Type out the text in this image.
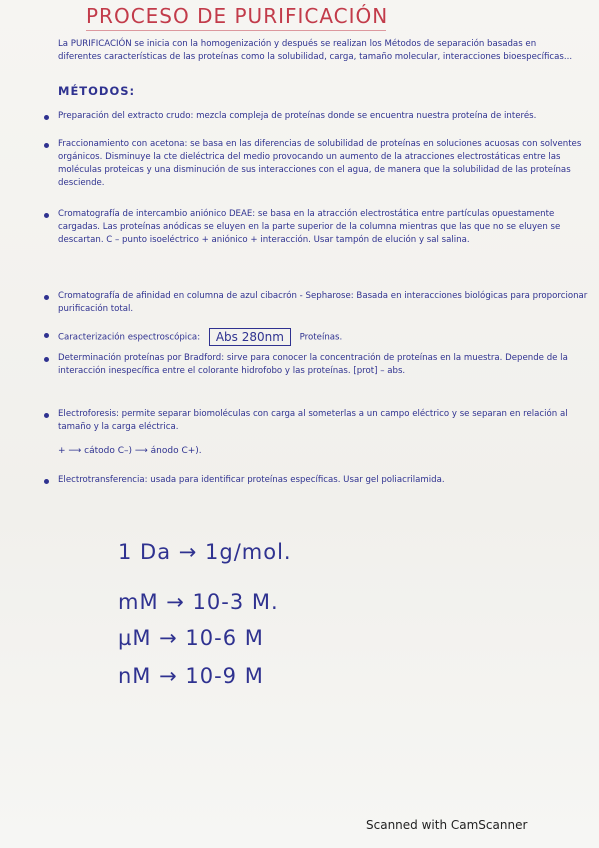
PROCESO DE PURIFICACIÓN
La PURIFICACIÓN se inicia con la homogenización y después se realizan los Métodos de separación basadas en diferentes características de las proteínas como la solubilidad, carga, tamaño molecular, interacciones bioespecíficas...
MÉTODOS:
Preparación del extracto crudo: mezcla compleja de proteínas donde se encuentra nuestra proteína de interés.
Fraccionamiento con acetona: se basa en las diferencias de solubilidad de proteínas en soluciones acuosas con solventes orgánicos. Disminuye la cte dieléctrica del medio provocando un aumento de la atracciones electrostáticas entre las moléculas proteicas y una disminución de sus interacciones con el agua, de manera que la solubilidad de las proteínas desciende.
Cromatografía de intercambio aniónico DEAE: se basa en la atracción electrostática entre partículas opuestamente cargadas. Las proteínas anódicas se eluyen en la parte superior de la columna mientras que las que no se eluyen se descartan. C – punto isoeléctrico + aniónico + interacción. Usar tampón de elución y sal salina.
Cromatografía de afinidad en columna de azul cibacrón - Sepharose: Basada en interacciones biológicas para proporcionar purificación total.
Caracterización espectroscópica: Abs 280nm Proteínas.
Determinación proteínas por Bradford: sirve para conocer la concentración de proteínas en la muestra. Depende de la interacción inespecífica entre el colorante hidrofobo y las proteínas. [prot] – abs.
Electroforesis: permite separar biomoléculas con carga al someterlas a un campo eléctrico y se separan en relación al tamaño y la carga eléctrica.
+ ⟶ cátodo C–) ⟶ ánodo C+).
Electrotransferencia: usada para identificar proteínas específicas. Usar gel poliacrilamida.
1 Da → 1g/mol.
mM → 10-3 M.
µM → 10-6 M
nM → 10-9 M
Scanned with CamScanner
